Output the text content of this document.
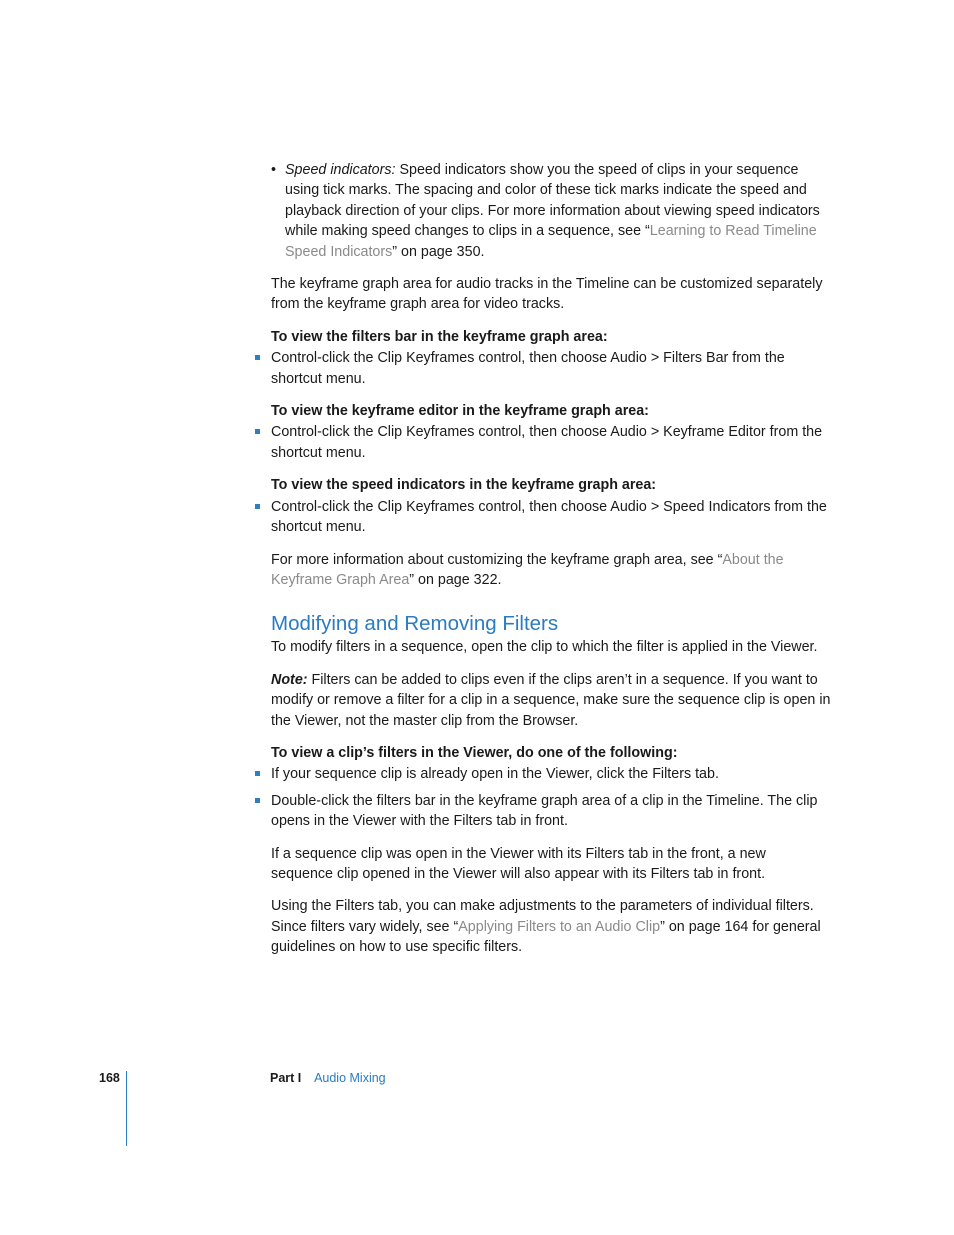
• Speed indicators: Speed indicators show you the speed of clips in your sequence using tick marks. The spacing and color of these tick marks indicate the speed and playback direction of your clips. For more information about viewing speed indicators while making speed changes to clips in a sequence, see “Learning to Read Timeline Speed Indicators” on page 350.

The keyframe graph area for audio tracks in the Timeline can be customized separately from the keyframe graph area for video tracks.

To view the filters bar in the keyframe graph area:
Control-click the Clip Keyframes control, then choose Audio > Filters Bar from the shortcut menu.
To view the keyframe editor in the keyframe graph area:
Control-click the Clip Keyframes control, then choose Audio > Keyframe Editor from the shortcut menu.
To view the speed indicators in the keyframe graph area:
Control-click the Clip Keyframes control, then choose Audio > Speed Indicators from the shortcut menu.

For more information about customizing the keyframe graph area, see “About the Keyframe Graph Area” on page 322.

Modifying and Removing Filters

To modify filters in a sequence, open the clip to which the filter is applied in the Viewer.

Note: Filters can be added to clips even if the clips aren’t in a sequence. If you want to modify or remove a filter for a clip in a sequence, make sure the sequence clip is open in the Viewer, not the master clip from the Browser.

To view a clip’s filters in the Viewer, do one of the following:
If your sequence clip is already open in the Viewer, click the Filters tab.
Double-click the filters bar in the keyframe graph area of a clip in the Timeline. The clip opens in the Viewer with the Filters tab in front.

If a sequence clip was open in the Viewer with its Filters tab in the front, a new sequence clip opened in the Viewer will also appear with its Filters tab in front.

Using the Filters tab, you can make adjustments to the parameters of individual filters. Since filters vary widely, see “Applying Filters to an Audio Clip” on page 164 for general guidelines on how to use specific filters.

168	Part I Audio Mixing
